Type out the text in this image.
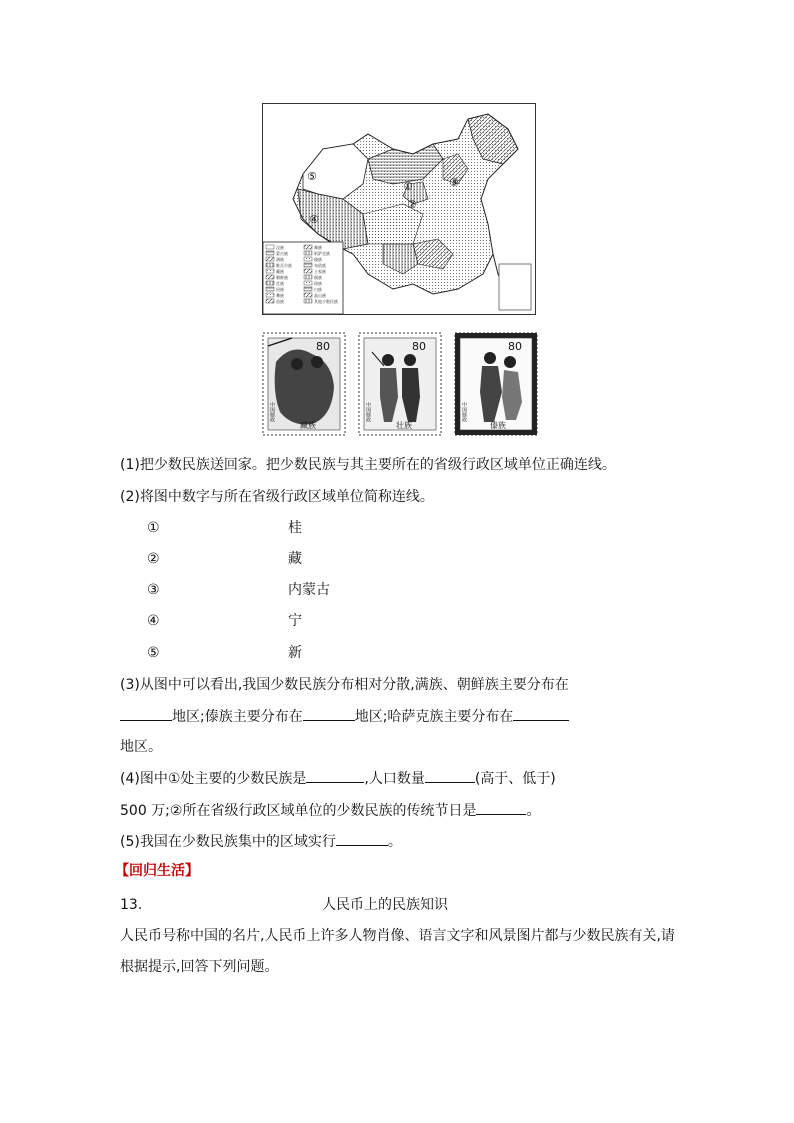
汉族
蒙古族
满族
维吾尔族
藏族
朝鲜族
壮族
回族
彝族
苗族
黎族
哈萨克族
傣族
布依族
土家族
侗族
瑶族
白族
高山族
其他少数民族
①
②
③
④
⑤
80
中国邮政
藏族
80
中国邮政
壮族
80
中国邮政
傣族
(1)把少数民族送回家。把少数民族与其主要所在的省级行政区域单位正确连线。
(2)将图中数字与所在省级行政区域单位简称连线。
①	桂
②	藏
③	内蒙古
④	宁
⑤	新
(3)从图中可以看出,我国少数民族分布相对分散,满族、朝鲜族主要分布在
地区;傣族主要分布在	地区;哈萨克族主要分布在
地区。
(4)图中①处主要的少数民族是	,人口数量	(高于、低于)
500 万;②所在省级行政区域单位的少数民族的传统节日是	。
(5)我国在少数民族集中的区域实行	。
【回归生活】
13.	人民币上的民族知识
人民币号称中国的名片,人民币上许多人物肖像、语言文字和风景图片都与少数民族有关,请
根据提示,回答下列问题。
